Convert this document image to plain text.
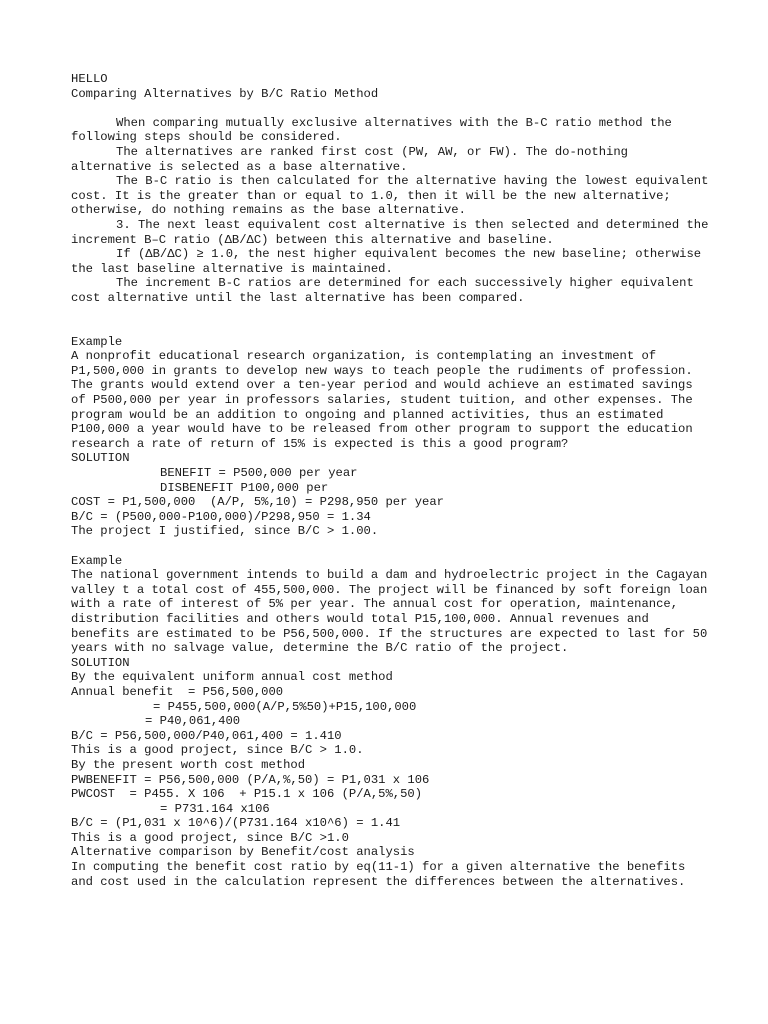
HELLO
Comparing Alternatives by B/C Ratio Method
When comparing mutually exclusive alternatives with the B-C ratio method the following steps should be considered.
The alternatives are ranked first cost (PW, AW, or FW). The do-nothing alternative is selected as a base alternative.
The B-C ratio is then calculated for the alternative having the lowest equivalent cost. It is the greater than or equal to 1.0, then it will be the new alternative; otherwise, do nothing remains as the base alternative.
3. The next least equivalent cost alternative is then selected and determined the increment B–C ratio (ΔB/ΔC) between this alternative and baseline.
If (ΔB/ΔC) ≥ 1.0, the nest higher equivalent becomes the new baseline; otherwise the last baseline alternative is maintained.
The increment B-C ratios are determined for each successively higher equivalent cost alternative until the last alternative has been compared.
Example
A nonprofit educational research organization, is contemplating an investment of P1,500,000 in grants to develop new ways to teach people the rudiments of profession. The grants would extend over a ten-year period and would achieve an estimated savings of P500,000 per year in professors salaries, student tuition, and other expenses. The program would be an addition to ongoing and planned activities, thus an estimated P100,000 a year would have to be released from other program to support the education research a rate of return of 15% is expected is this a good program?
SOLUTION
BENEFIT = P500,000 per year
DISBENEFIT P100,000 per
COST = P1,500,000  (A/P, 5%,10) = P298,950 per year
B/C = (P500,000-P100,000)/P298,950 = 1.34
The project I justified, since B/C > 1.00.
Example
The national government intends to build a dam and hydroelectric project in the Cagayan valley t a total cost of 455,500,000. The project will be financed by soft foreign loan with a rate of interest of 5% per year. The annual cost for operation, maintenance, distribution facilities and others would total P15,100,000. Annual revenues and benefits are estimated to be P56,500,000. If the structures are expected to last for 50 years with no salvage value, determine the B/C ratio of the project.
SOLUTION
By the equivalent uniform annual cost method
Annual benefit  = P56,500,000
= P455,500,000(A/P,5%50)+P15,100,000
= P40,061,400
B/C = P56,500,000/P40,061,400 = 1.410
This is a good project, since B/C > 1.0.
By the present worth cost method
PWBENEFIT = P56,500,000 (P/A,%,50) = P1,031 x 106
PWCOST  = P455. X 106  + P15.1 x 106 (P/A,5%,50)
= P731.164 x106
B/C = (P1,031 x 10^6)/(P731.164 x10^6) = 1.41
This is a good project, since B/C >1.0
Alternative comparison by Benefit/cost analysis
In computing the benefit cost ratio by eq(11-1) for a given alternative the benefits and cost used in the calculation represent the differences between the alternatives.
